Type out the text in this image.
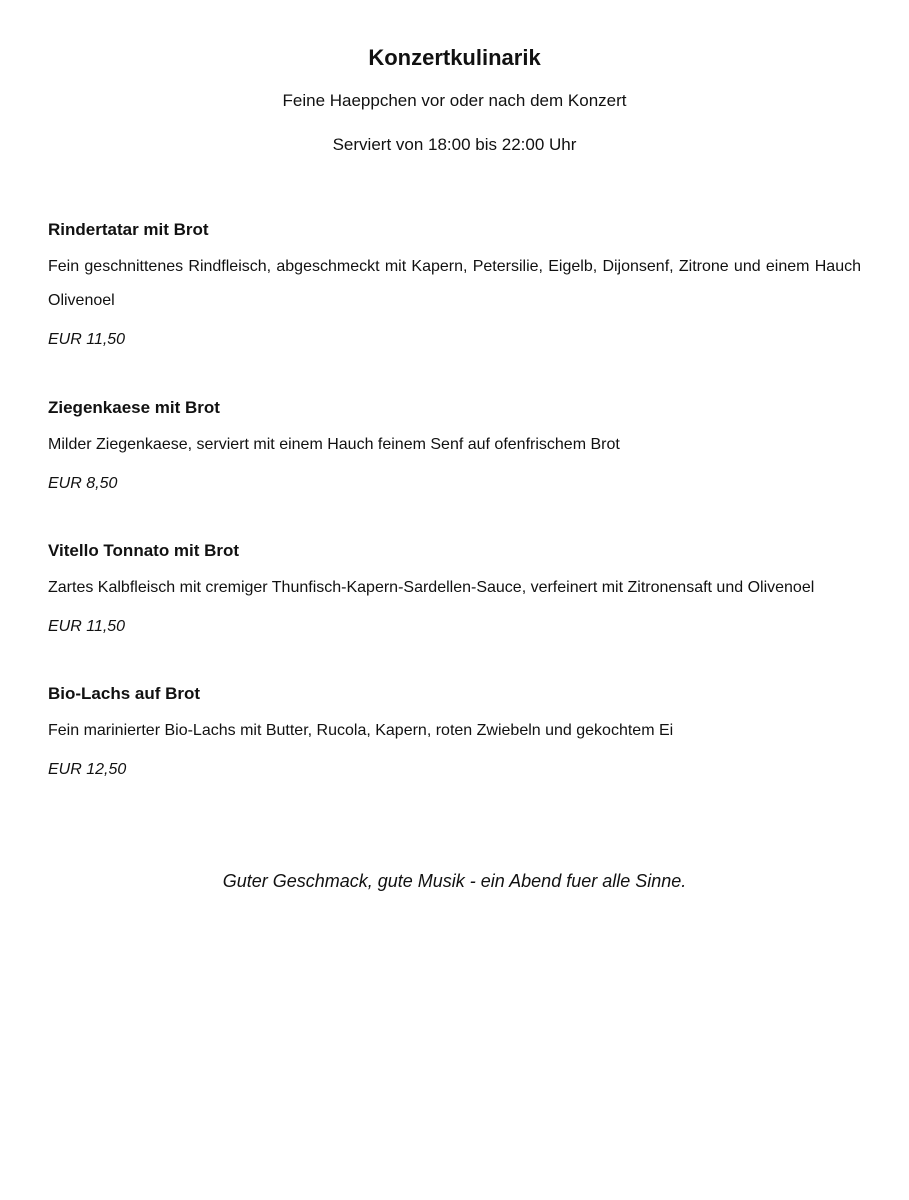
Konzertkulinarik
Feine Haeppchen vor oder nach dem Konzert
Serviert von 18:00 bis 22:00 Uhr

Rindertatar mit Brot

Fein geschnittenes Rindfleisch, abgeschmeckt mit Kapern, Petersilie, Eigelb, Dijonsenf, Zitrone und einem Hauch Olivenoel

EUR 11,50

Ziegenkaese mit Brot

Milder Ziegenkaese, serviert mit einem Hauch feinem Senf auf ofenfrischem Brot

EUR 8,50

Vitello Tonnato mit Brot

Zartes Kalbfleisch mit cremiger Thunfisch-Kapern-Sardellen-Sauce, verfeinert mit Zitronensaft und Olivenoel

EUR 11,50

Bio-Lachs auf Brot

Fein marinierter Bio-Lachs mit Butter, Rucola, Kapern, roten Zwiebeln und gekochtem Ei

EUR 12,50

Guter Geschmack, gute Musik - ein Abend fuer alle Sinne.
